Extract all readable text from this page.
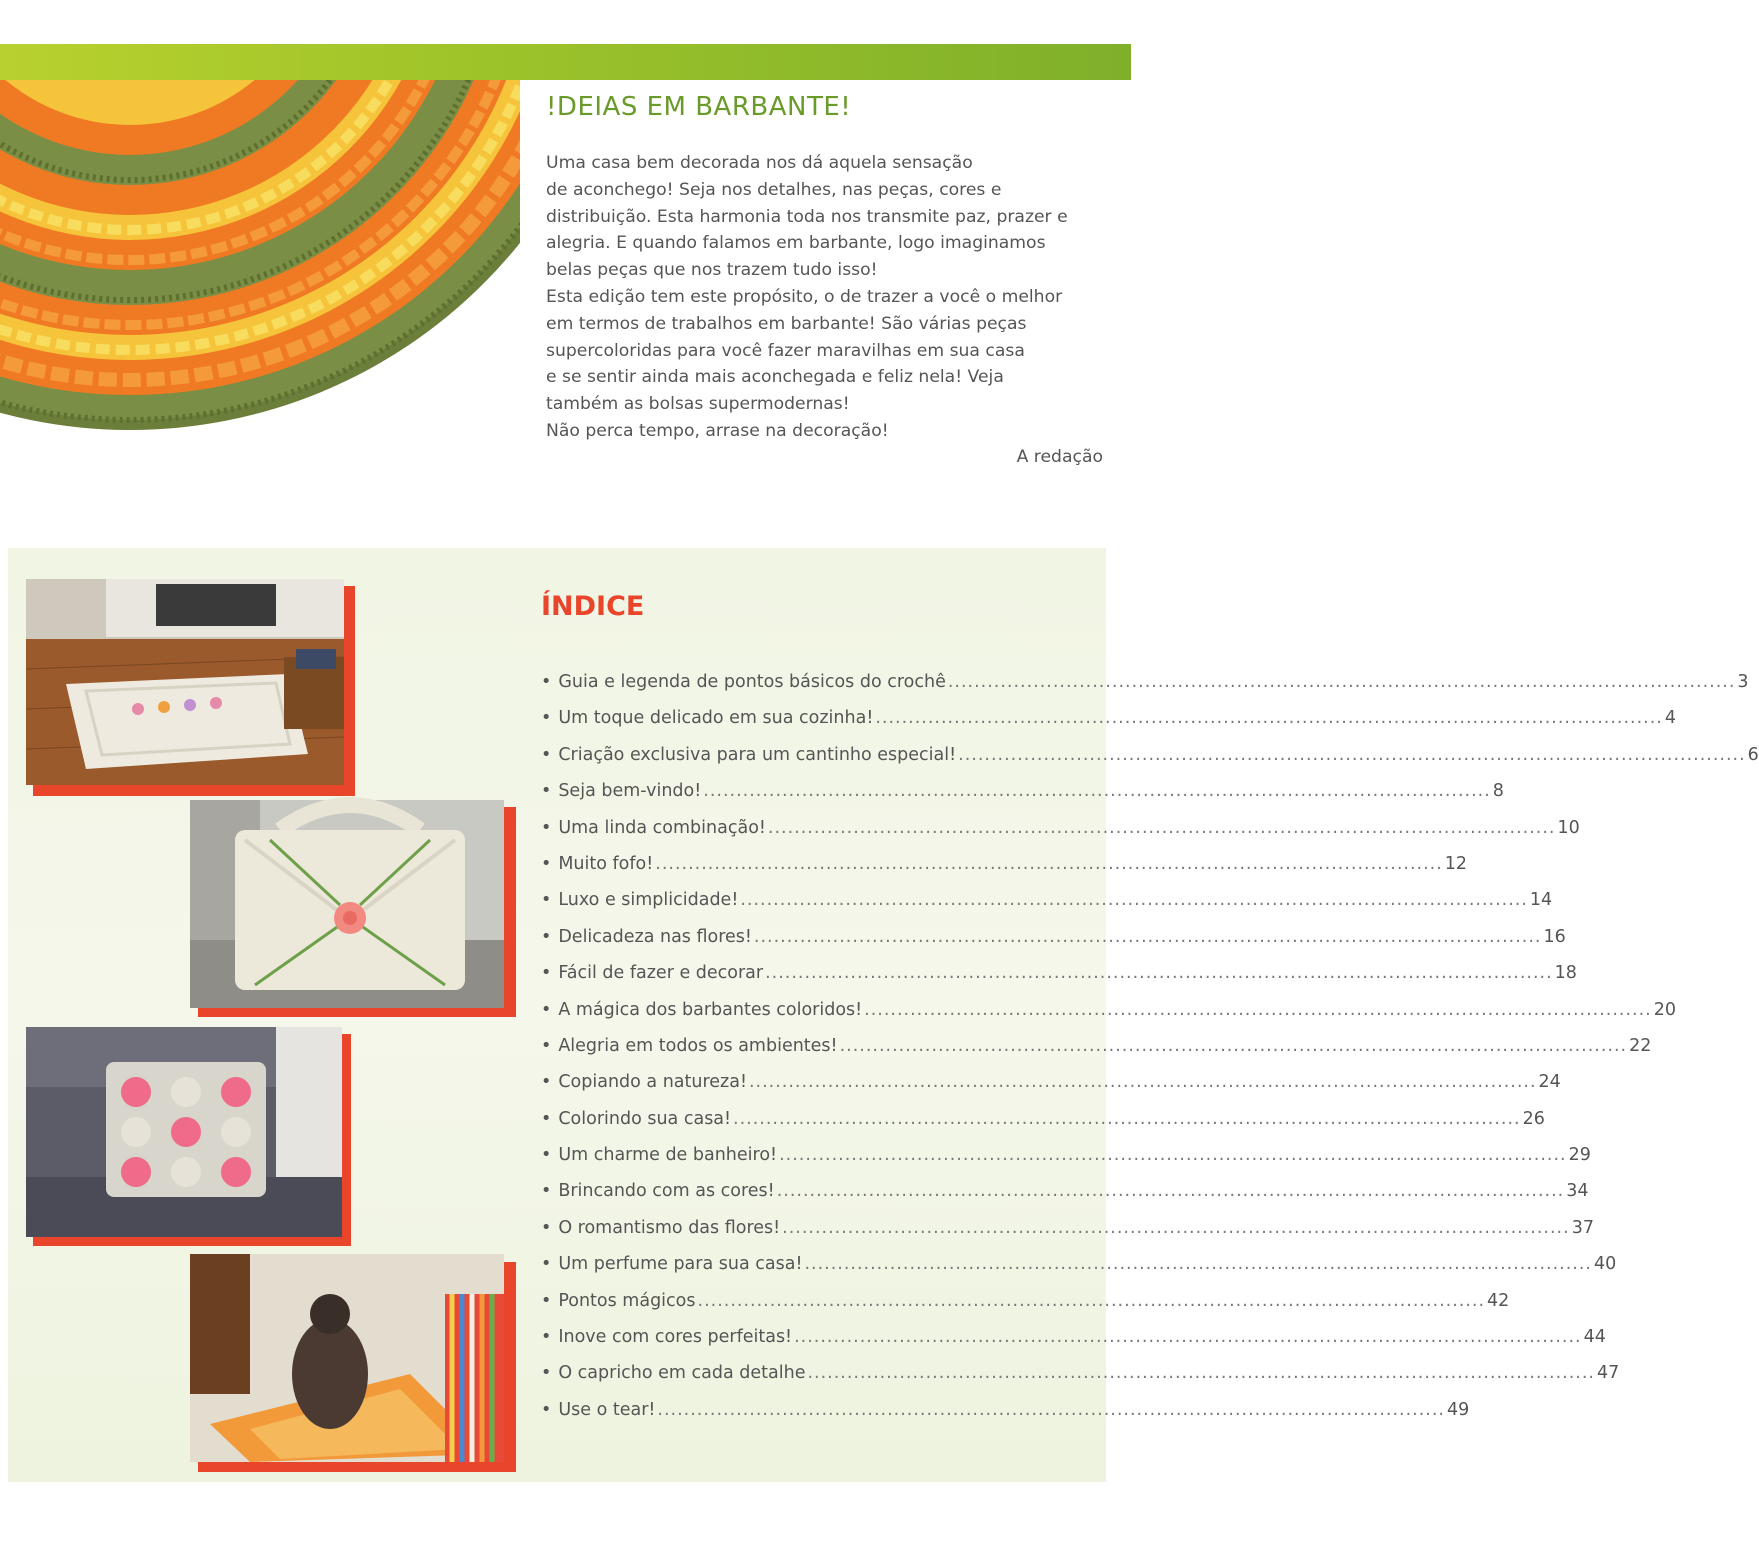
!DEIAS EM BARBANTE!

Uma casa bem decorada nos dá aquela sensação

de aconchego! Seja nos detalhes, nas peças, cores e

distribuição. Esta harmonia toda nos transmite paz, prazer e

alegria. E quando falamos em barbante, logo imaginamos

belas peças que nos trazem tudo isso!

Esta edição tem este propósito, o de trazer a você o melhor

em termos de trabalhos em barbante! São várias peças

supercoloridas para você fazer maravilhas em sua casa

e se sentir ainda mais aconchegada e feliz nela! Veja

também as bolsas supermodernas!

Não perca tempo, arrase na decoração!

A redação
ÍNDICE
• Guia e legenda de pontos básicos do crochê ........................................................................................................................ 3
• Um toque delicado em sua cozinha! ........................................................................................................................ 4
• Criação exclusiva para um cantinho especial! ........................................................................................................................ 6
• Seja bem-vindo! ........................................................................................................................ 8
• Uma linda combinação! ........................................................................................................................ 10
• Muito fofo! ........................................................................................................................ 12
• Luxo e simplicidade! ........................................................................................................................ 14
• Delicadeza nas flores! ........................................................................................................................ 16
• Fácil de fazer e decorar ........................................................................................................................ 18
• A mágica dos barbantes coloridos! ........................................................................................................................ 20
• Alegria em todos os ambientes! ........................................................................................................................ 22
• Copiando a natureza! ........................................................................................................................ 24
• Colorindo sua casa! ........................................................................................................................ 26
• Um charme de banheiro! ........................................................................................................................ 29
• Brincando com as cores! ........................................................................................................................ 34
• O romantismo das flores! ........................................................................................................................ 37
• Um perfume para sua casa! ........................................................................................................................ 40
• Pontos mágicos ........................................................................................................................ 42
• Inove com cores perfeitas! ........................................................................................................................ 44
• O capricho em cada detalhe ........................................................................................................................ 47
• Use o tear! ........................................................................................................................ 49
